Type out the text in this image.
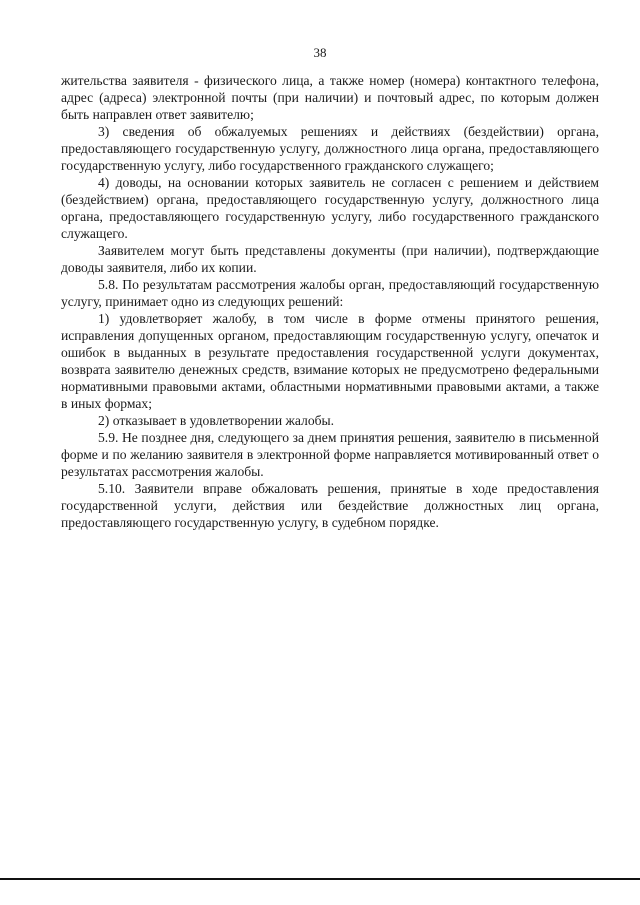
38

жительства заявителя - физического лица, а также номер (номера) контактного телефона, адрес (адреса) электронной почты (при наличии) и почтовый адрес, по которым должен быть направлен ответ заявителю;

3) сведения об обжалуемых решениях и действиях (бездействии) органа, предоставляющего государственную услугу, должностного лица органа, предоставляющего государственную услугу, либо государственного гражданского служащего;

4) доводы, на основании которых заявитель не согласен с решением и действием (бездействием) органа, предоставляющего государственную услугу, должностного лица органа, предоставляющего государственную услугу, либо государственного гражданского служащего.

Заявителем могут быть представлены документы (при наличии), подтверждающие доводы заявителя, либо их копии.

5.8. По результатам рассмотрения жалобы орган, предоставляющий государственную услугу, принимает одно из следующих решений:

1) удовлетворяет жалобу, в том числе в форме отмены принятого решения, исправления допущенных органом, предоставляющим государственную услугу, опечаток и ошибок в выданных в результате предоставления государственной услуги документах, возврата заявителю денежных средств, взимание которых не предусмотрено федеральными нормативными правовыми актами, областными нормативными правовыми актами, а также в иных формах;

2) отказывает в удовлетворении жалобы.

5.9. Не позднее дня, следующего за днем принятия решения, заявителю в письменной форме и по желанию заявителя в электронной форме направляется мотивированный ответ о результатах рассмотрения жалобы.

5.10. Заявители вправе обжаловать решения, принятые в ходе предоставления государственной услуги, действия или бездействие должностных лиц органа, предоставляющего государственную услугу, в судебном порядке.
